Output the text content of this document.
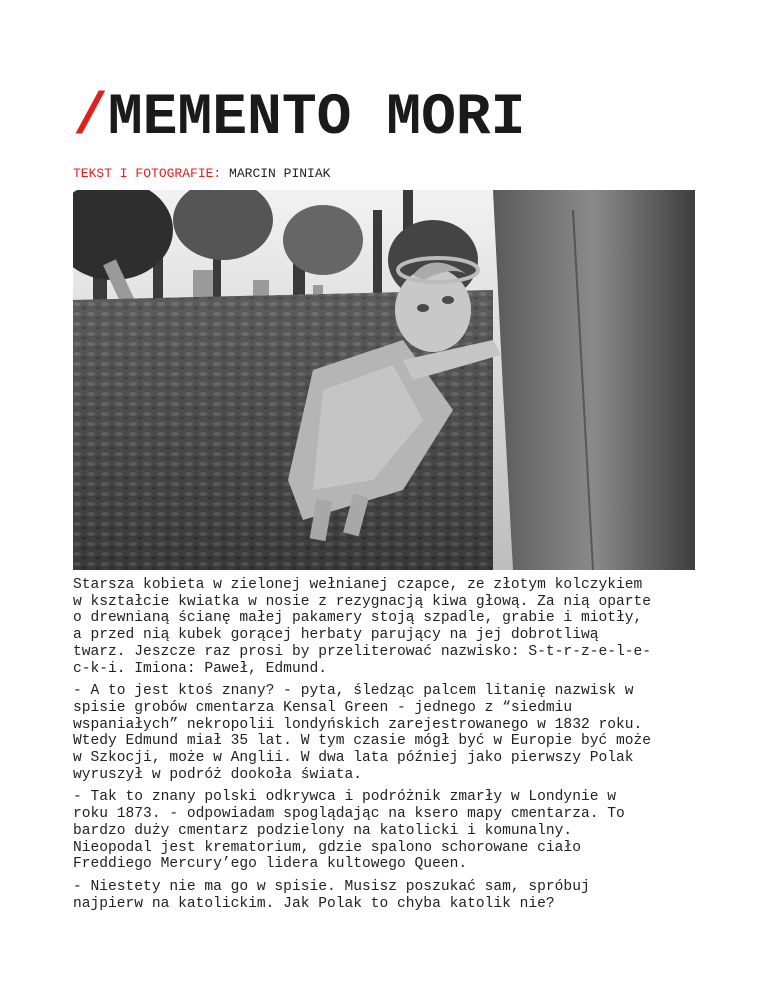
/MEMENTO MORI
TEKST I FOTOGRAFIE: MARCIN PINIAK

Starsza kobieta w zielonej wełnianej czapce, ze złotym kolczykiem
w kształcie kwiatka w nosie z rezygnacją kiwa głową. Za nią oparte
o drewnianą ścianę małej pakamery stoją szpadle, grabie i miotły,
a przed nią kubek gorącej herbaty parujący na jej dobrotliwą
twarz. Jeszcze raz prosi by przeliterować nazwisko: S-t-r-z-e-l-e-
c-k-i. Imiona: Paweł, Edmund.

- A to jest ktoś znany? - pyta, śledząc palcem litanię nazwisk w
spisie grobów cmentarza Kensal Green - jednego z “siedmiu
wspaniałych” nekropolii londyńskich zarejestrowanego w 1832 roku.
Wtedy Edmund miał 35 lat. W tym czasie mógł być w Europie być może
w Szkocji, może w Anglii. W dwa lata później jako pierwszy Polak
wyruszył w podróż dookoła świata.

- Tak to znany polski odkrywca i podróżnik zmarły w Londynie w
roku 1873. - odpowiadam spoglądając na ksero mapy cmentarza. To
bardzo duży cmentarz podzielony na katolicki i komunalny.
Nieopodal jest krematorium, gdzie spalono schorowane ciało
Freddiego Mercury’ego lidera kultowego Queen.

- Niestety nie ma go w spisie. Musisz poszukać sam, spróbuj
najpierw na katolickim. Jak Polak to chyba katolik nie?
